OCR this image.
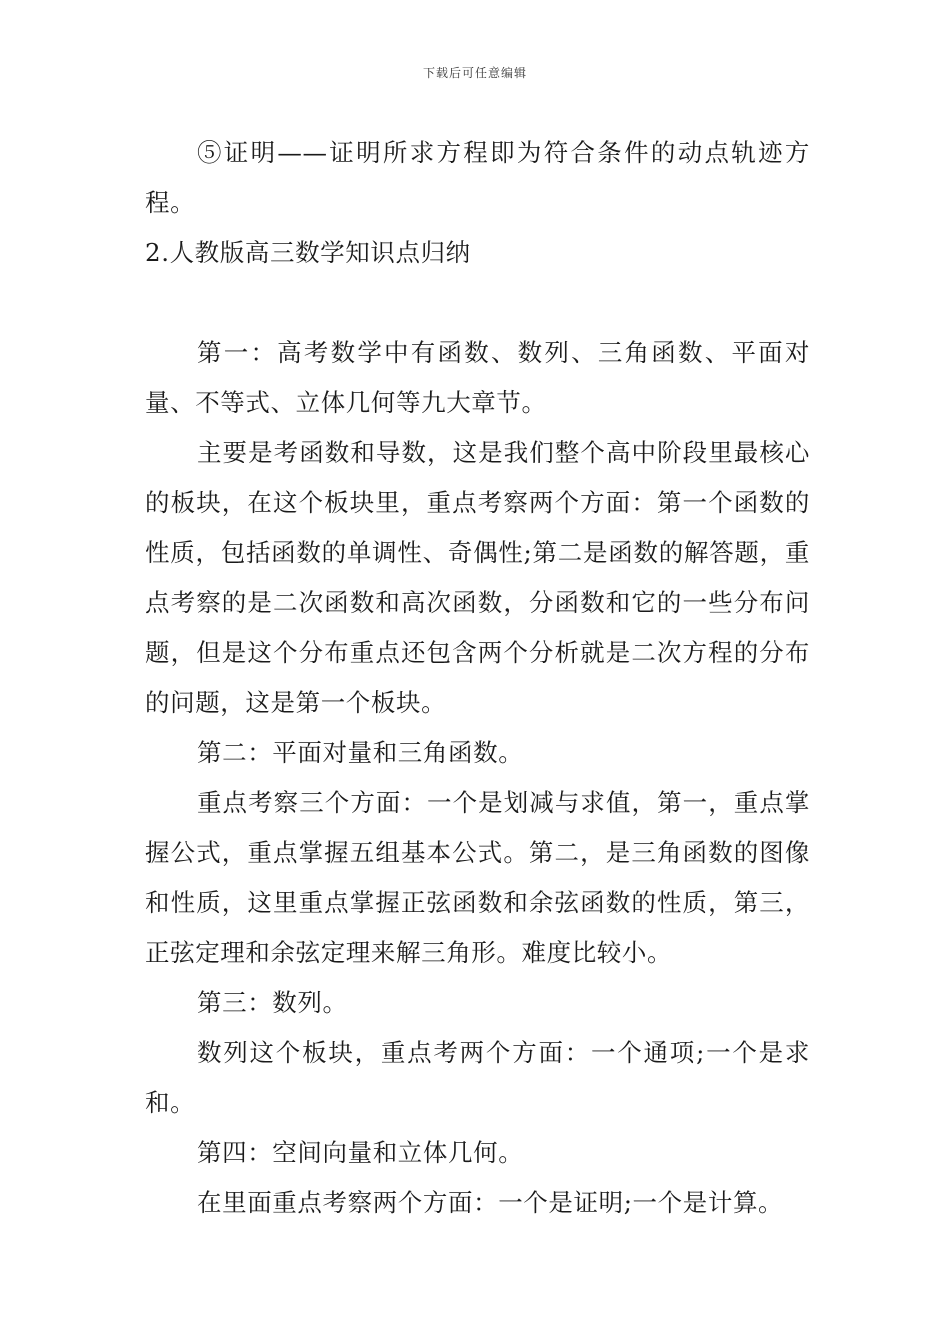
下载后可任意编辑

⑤证明——证明所求方程即为符合条件的动点轨迹方程。

2.人教版高三数学知识点归纳

第一：高考数学中有函数、数列、三角函数、平面对量、不等式、立体几何等九大章节。

主要是考函数和导数，这是我们整个高中阶段里最核心的板块，在这个板块里，重点考察两个方面：第一个函数的性质，包括函数的单调性、奇偶性;第二是函数的解答题，重点考察的是二次函数和高次函数，分函数和它的一些分布问题，但是这个分布重点还包含两个分析就是二次方程的分布的问题，这是第一个板块。

第二：平面对量和三角函数。

重点考察三个方面：一个是划减与求值，第一，重点掌握公式，重点掌握五组基本公式。第二，是三角函数的图像和性质，这里重点掌握正弦函数和余弦函数的性质，第三，正弦定理和余弦定理来解三角形。难度比较小。

第三：数列。

数列这个板块，重点考两个方面：一个通项;一个是求和。

第四：空间向量和立体几何。

在里面重点考察两个方面：一个是证明;一个是计算。
